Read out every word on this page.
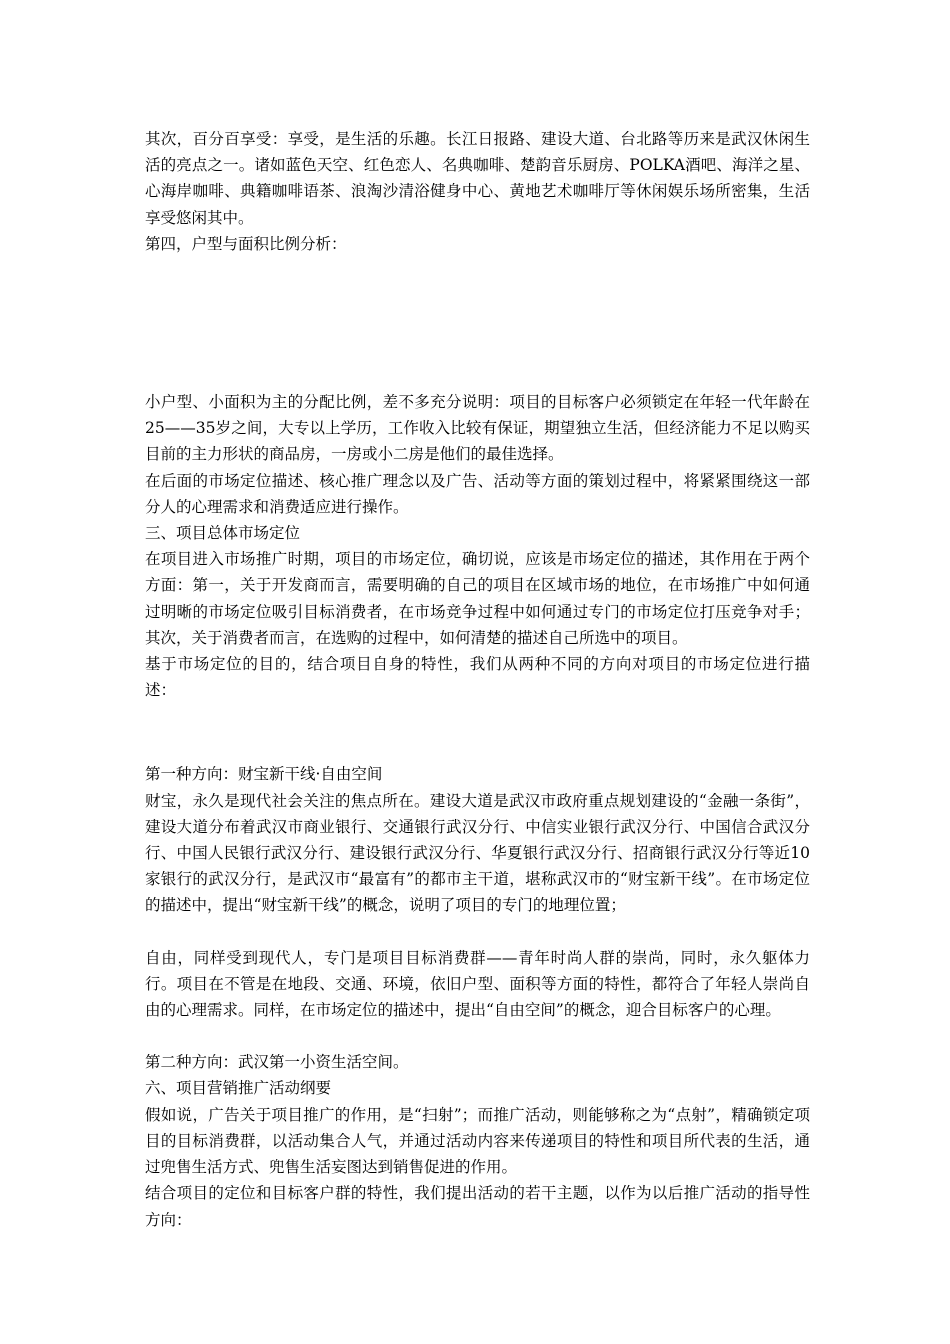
其次，百分百享受：享受，是生活的乐趣。长江日报路、建设大道、台北路等历来是武汉休闲生活的亮点之一。诸如蓝色天空、红色恋人、名典咖啡、楚韵音乐厨房、POLKA酒吧、海洋之星、心海岸咖啡、典籍咖啡语茶、浪淘沙清浴健身中心、黄地艺术咖啡厅等休闲娱乐场所密集，生活享受悠闲其中。

第四，户型与面积比例分析：

小户型、小面积为主的分配比例，差不多充分说明：项目的目标客户必须锁定在年轻一代年龄在25——35岁之间，大专以上学历，工作收入比较有保证，期望独立生活，但经济能力不足以购买目前的主力形状的商品房，一房或小二房是他们的最佳选择。

在后面的市场定位描述、核心推广理念以及广告、活动等方面的策划过程中，将紧紧围绕这一部分人的心理需求和消费适应进行操作。

三、项目总体市场定位

在项目进入市场推广时期，项目的市场定位，确切说，应该是市场定位的描述，其作用在于两个方面：第一，关于开发商而言，需要明确的自己的项目在区域市场的地位，在市场推广中如何通过明晰的市场定位吸引目标消费者，在市场竞争过程中如何通过专门的市场定位打压竞争对手；其次，关于消费者而言，在选购的过程中，如何清楚的描述自己所选中的项目。

基于市场定位的目的，结合项目自身的特性，我们从两种不同的方向对项目的市场定位进行描述：

第一种方向：财宝新干线·自由空间

财宝，永久是现代社会关注的焦点所在。建设大道是武汉市政府重点规划建设的“金融一条街”，建设大道分布着武汉市商业银行、交通银行武汉分行、中信实业银行武汉分行、中国信合武汉分行、中国人民银行武汉分行、建设银行武汉分行、华夏银行武汉分行、招商银行武汉分行等近10家银行的武汉分行，是武汉市“最富有”的都市主干道，堪称武汉市的“财宝新干线”。在市场定位的描述中，提出“财宝新干线”的概念，说明了项目的专门的地理位置；

自由，同样受到现代人，专门是项目目标消费群——青年时尚人群的崇尚，同时，永久躯体力行。项目在不管是在地段、交通、环境，依旧户型、面积等方面的特性，都符合了年轻人崇尚自由的心理需求。同样，在市场定位的描述中，提出“自由空间”的概念，迎合目标客户的心理。

第二种方向：武汉第一小资生活空间。

六、项目营销推广活动纲要

假如说，广告关于项目推广的作用，是“扫射”；而推广活动，则能够称之为“点射”，精确锁定项目的目标消费群，以活动集合人气，并通过活动内容来传递项目的特性和项目所代表的生活，通过兜售生活方式、兜售生活妄图达到销售促进的作用。

结合项目的定位和目标客户群的特性，我们提出活动的若干主题，以作为以后推广活动的指导性方向：
